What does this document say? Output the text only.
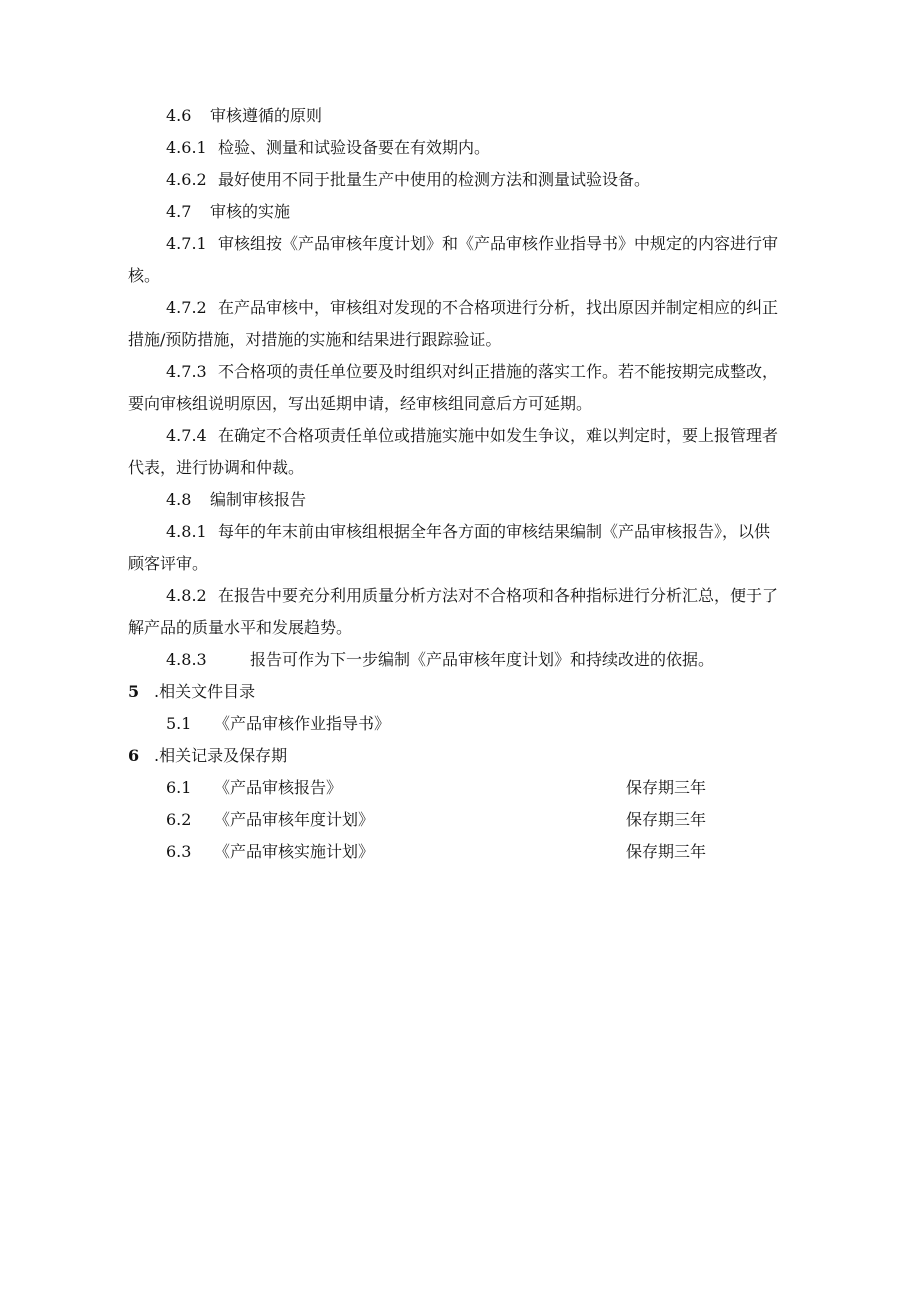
4.6 审核遵循的原则
4.6.1 检验、测量和试验设备要在有效期内。
4.6.2 最好使用不同于批量生产中使用的检测方法和测量试验设备。
4.7 审核的实施
4.7.1 审核组按《产品审核年度计划》和《产品审核作业指导书》中规定的内容进行审
核。
4.7.2 在产品审核中，审核组对发现的不合格项进行分析，找出原因并制定相应的纠正
措施/预防措施，对措施的实施和结果进行跟踪验证。
4.7.3 不合格项的责任单位要及时组织对纠正措施的落实工作。若不能按期完成整改，
要向审核组说明原因，写出延期申请，经审核组同意后方可延期。
4.7.4 在确定不合格项责任单位或措施实施中如发生争议，难以判定时，要上报管理者
代表，进行协调和仲裁。
4.8 编制审核报告
4.8.1 每年的年末前由审核组根据全年各方面的审核结果编制《产品审核报告》，以供
顾客评审。
4.8.2 在报告中要充分利用质量分析方法对不合格项和各种指标进行分析汇总，便于了
解产品的质量水平和发展趋势。
4.8.3	报告可作为下一步编制《产品审核年度计划》和持续改进的依据。
5 .相关文件目录
5.1 《产品审核作业指导书》
6 .相关记录及保存期
6.1 《产品审核报告》	保存期三年
6.2 《产品审核年度计划》	保存期三年
6.3 《产品审核实施计划》	保存期三年
